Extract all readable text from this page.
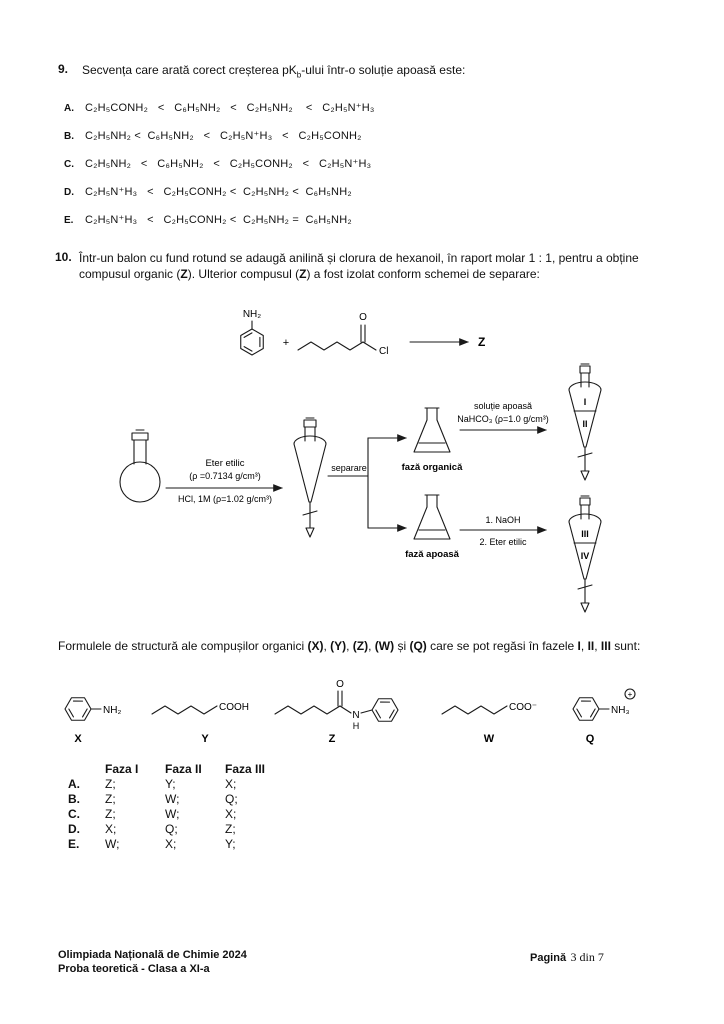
9.	Secvența care arată corect creșterea $pK_b$-ului într-o soluție apoasă este:
A.	C₂H₅CONH₂   <   C₆H₅NH₂   <   C₂H₅NH₂    <   C₂H₅N⁺H₃
B.	C₂H₅NH₂ <  C₆H₅NH₂   <   C₂H₅N⁺H₃   <   C₂H₅CONH₂
C.	C₂H₅NH₂   <   C₆H₅NH₂   <   C₂H₅CONH₂   <   C₂H₅N⁺H₃
D.	C₂H₅N⁺H₃   <   C₂H₅CONH₂ <  C₂H₅NH₂ <  C₆H₅NH₂
E.	C₂H₅N⁺H₃   <   C₂H₅CONH₂ <  C₂H₅NH₂ =  C₆H₅NH₂
10. Într-un balon cu fund rotund se adaugă anilină și clorura de hexanoil, în raport molar 1 : 1, pentru a obține compusul organic (Z). Ulterior compusul (Z) a fost izolat conform schemei de separare:
NH₂
+
O
Cl
Z
Eter etilic
(ρ =0.7134 g/cm³)
HCl, 1M (ρ=1.02 g/cm³)
separare	fază organică
soluție apoasă
NaHCO₃ (ρ=1.0 g/cm³)
I
II
fază apoasă
1. NaOH
2. Eter etilic
III
IV
Formulele de structură ale compușilor organici (X), (Y), (Z), (W) și (Q) care se pot regăsi în fazele I, II, III sunt:
NH₂
X
COOH
Y
O
N
H
Z
COO⁻
W
NH₃
+
Q
Faza I	Faza II	Faza III
A.	Z;	Y;	X;
B.	Z;	W;	Q;
C.	Z;	W;	X;
D.	X;	Q;	Z;
E.	W;	X;	Y;
Olimpiada Națională de Chimie 2024
Proba teoretică - Clasa a XI-a
Pagină 3 din 7
